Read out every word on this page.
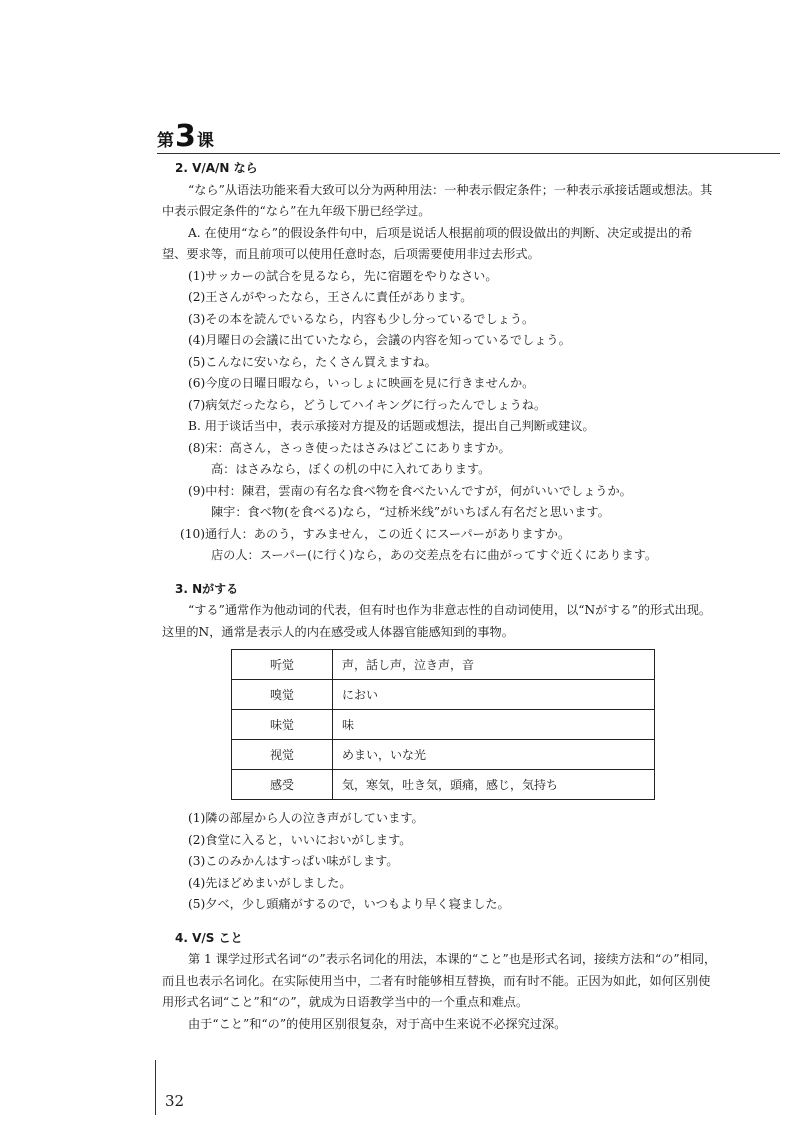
第3课
2. V/A/N なら
“なら”从语法功能来看大致可以分为两种用法：一种表示假定条件；一种表示承接话题或想法。其
中表示假定条件的“なら”在九年级下册已经学过。
A. 在使用“なら”的假设条件句中，后项是说话人根据前项的假设做出的判断、决定或提出的希
望、要求等，而且前项可以使用任意时态，后项需要使用非过去形式。
(1)サッカーの試合を見るなら，先に宿題をやりなさい。
(2)王さんがやったなら，王さんに責任があります。
(3)その本を読んでいるなら，内容も少し分っているでしょう。
(4)月曜日の会議に出ていたなら，会議の内容を知っているでしょう。
(5)こんなに安いなら，たくさん買えますね。
(6)今度の日曜日暇なら，いっしょに映画を見に行きませんか。
(7)病気だったなら，どうしてハイキングに行ったんでしょうね。
B. 用于谈话当中，表示承接对方提及的话题或想法，提出自己判断或建议。
(8)宋：高さん，さっき使ったはさみはどこにありますか。
高：はさみなら，ぼくの机の中に入れてあります。
(9)中村：陳君，雲南の有名な食べ物を食べたいんですが，何がいいでしょうか。
陳宇：食べ物(を食べる)なら，“过桥米线”がいちばん有名だと思います。
(10)通行人：あのう，すみません，この近くにスーパーがありますか。
店の人：スーパー(に行く)なら，あの交差点を右に曲がってすぐ近くにあります。
3. Nがする
“する”通常作为他动词的代表，但有时也作为非意志性的自动词使用，以“Nがする”的形式出现。
这里的N，通常是表示人的内在感受或人体器官能感知到的事物。
听觉	声，話し声，泣き声，音
嗅觉	におい
味觉	味
视觉	めまい，いな光
感受	気，寒気，吐き気，頭痛，感じ，気持ち
(1)隣の部屋から人の泣き声がしています。
(2)食堂に入ると，いいにおいがします。
(3)このみかんはすっぱい味がします。
(4)先ほどめまいがしました。
(5)夕べ，少し頭痛がするので，いつもより早く寝ました。
4. V/S こと
第 1 课学过形式名词“の”表示名词化的用法，本课的“こと”也是形式名词，接续方法和“の”相同，
而且也表示名词化。在实际使用当中，二者有时能够相互替换，而有时不能。正因为如此，如何区别使
用形式名词“こと”和“の”，就成为日语教学当中的一个重点和难点。
由于“こと”和“の”的使用区别很复杂，对于高中生来说不必探究过深。
32
